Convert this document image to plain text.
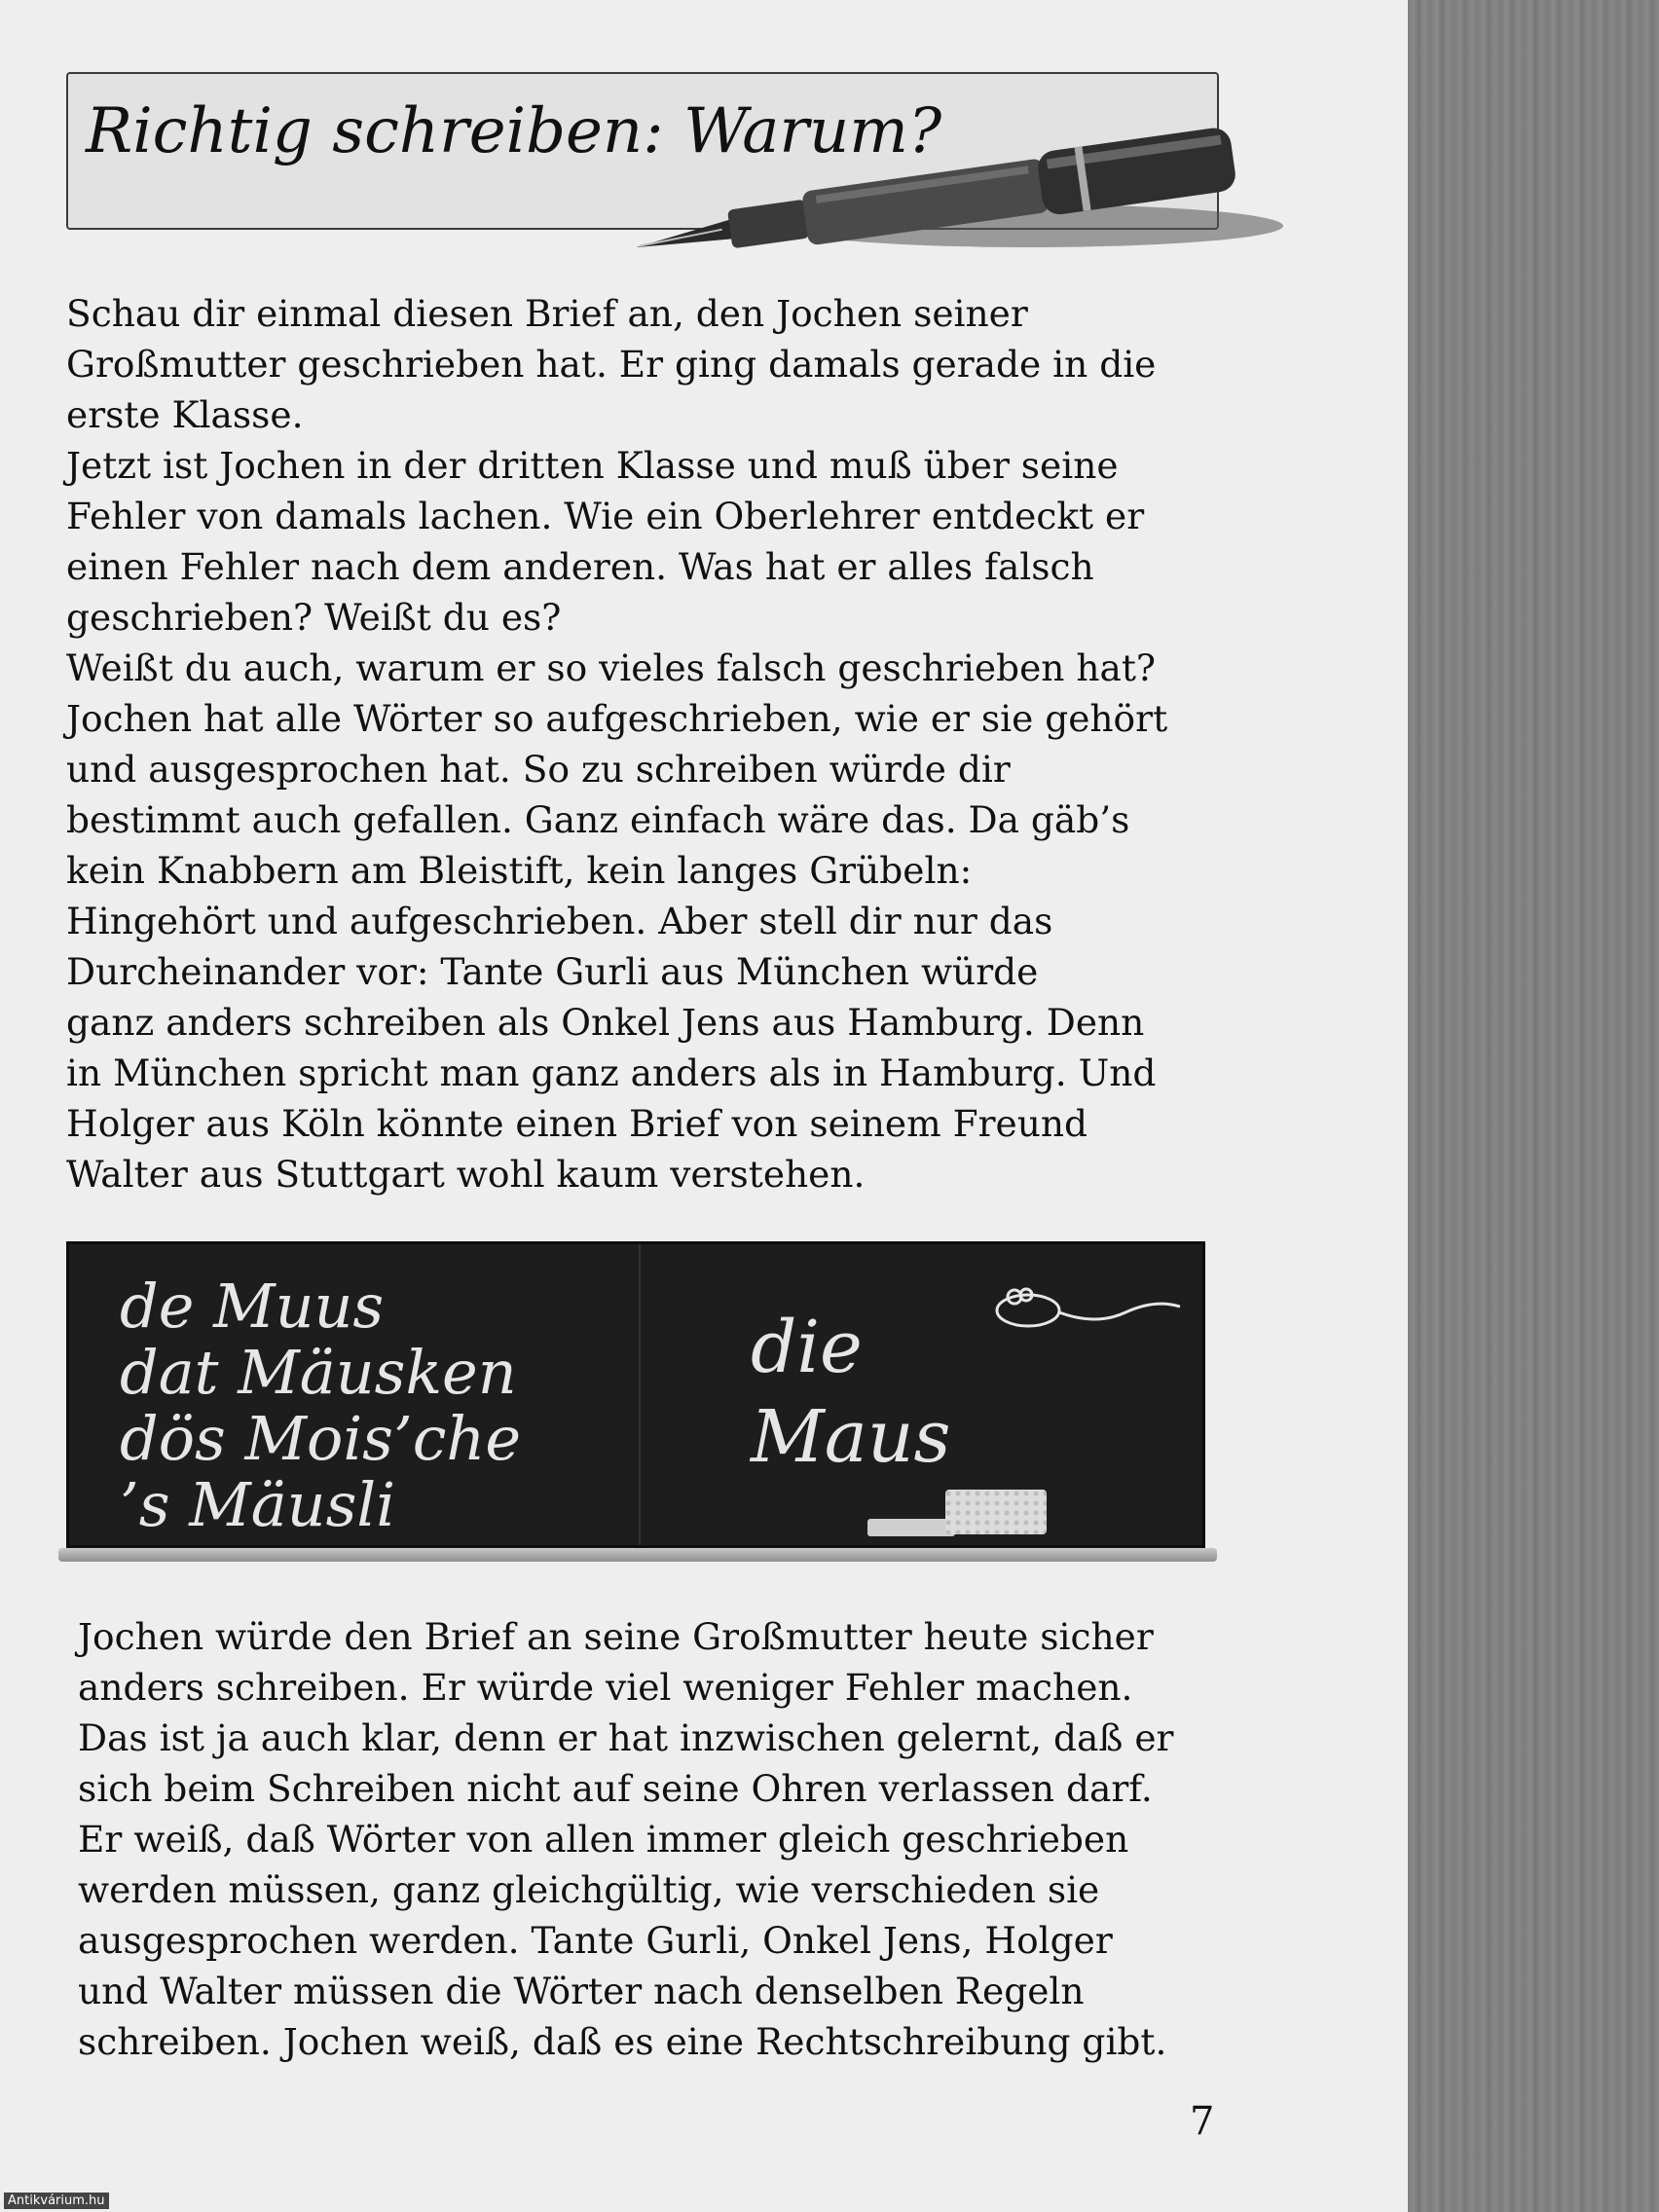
Richtig schreiben: Warum?

Schau dir einmal diesen Brief an, den Jochen seiner
Großmutter geschrieben hat. Er ging damals gerade in die
erste Klasse.
Jetzt ist Jochen in der dritten Klasse und muß über seine
Fehler von damals lachen. Wie ein Oberlehrer entdeckt er
einen Fehler nach dem anderen. Was hat er alles falsch
geschrieben? Weißt du es?
Weißt du auch, warum er so vieles falsch geschrieben hat?
Jochen hat alle Wörter so aufgeschrieben, wie er sie gehört
und ausgesprochen hat. So zu schreiben würde dir
bestimmt auch gefallen. Ganz einfach wäre das. Da gäb’s
kein Knabbern am Bleistift, kein langes Grübeln:
Hingehört und aufgeschrieben. Aber stell dir nur das
Durcheinander vor: Tante Gurli aus München würde
ganz anders schreiben als Onkel Jens aus Hamburg. Denn
in München spricht man ganz anders als in Hamburg. Und
Holger aus Köln könnte einen Brief von seinem Freund
Walter aus Stuttgart wohl kaum verstehen.

de Muus
dat Mäusken
dös Mois’che
’s Mäusli

die
Maus

Jochen würde den Brief an seine Großmutter heute sicher
anders schreiben. Er würde viel weniger Fehler machen.
Das ist ja auch klar, denn er hat inzwischen gelernt, daß er
sich beim Schreiben nicht auf seine Ohren verlassen darf.
Er weiß, daß Wörter von allen immer gleich geschrieben
werden müssen, ganz gleichgültig, wie verschieden sie
ausgesprochen werden. Tante Gurli, Onkel Jens, Holger
und Walter müssen die Wörter nach denselben Regeln
schreiben. Jochen weiß, daß es eine Rechtschreibung gibt.

7

Antikvárium.hu
